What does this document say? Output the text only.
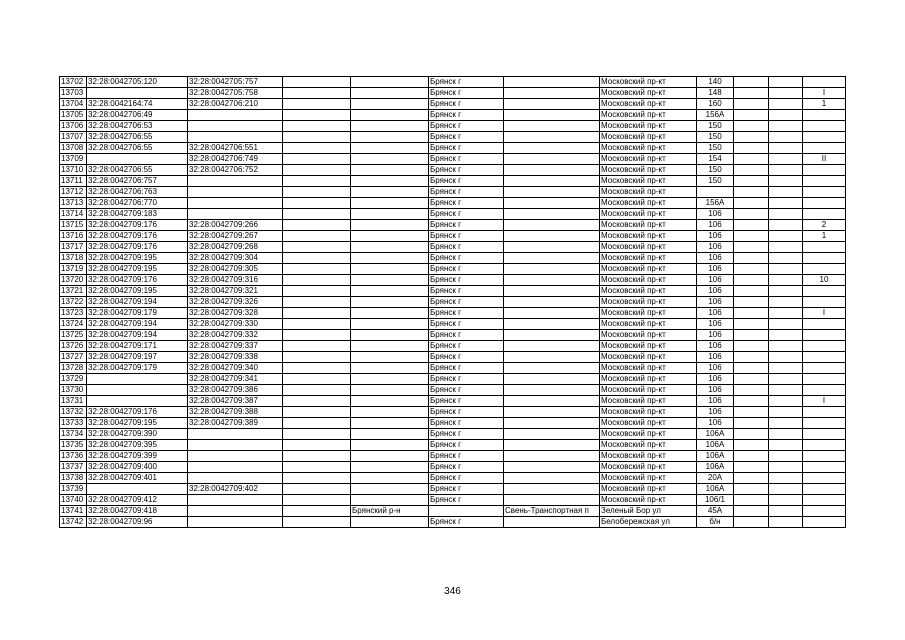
13702	32:28:0042705:120	32:28:0042705:757			Брянск г		Московский пр-кт	140			
13703		32:28:0042705:758			Брянск г		Московский пр-кт	148			I
13704	32:28:0042164:74	32:28:0042706:210			Брянск г		Московский пр-кт	160			1
13705	32:28:0042706:49				Брянск г		Московский пр-кт	156А			
13706	32:28:0042706:53				Брянск г		Московский пр-кт	150			
13707	32:28:0042706:55				Брянск г		Московский пр-кт	150			
13708	32:28:0042706:55	32:28:0042706:551			Брянск г		Московский пр-кт	150			
13709		32:28:0042706:749			Брянск г		Московский пр-кт	154			II
13710	32:28:0042706:55	32:28:0042706:752			Брянск г		Московский пр-кт	150			
13711	32:28:0042706:757				Брянск г		Московский пр-кт	150			
13712	32:28:0042706:763				Брянск г		Московский пр-кт				
13713	32:28:0042706:770				Брянск г		Московский пр-кт	156А			
13714	32:28:0042709:183				Брянск г		Московский пр-кт	106			
13715	32:28:0042709:176	32:28:0042709:266			Брянск г		Московский пр-кт	106			2
13716	32:28:0042709:176	32:28:0042709:267			Брянск г		Московский пр-кт	106			1
13717	32:28:0042709:176	32:28:0042709:268			Брянск г		Московский пр-кт	106			
13718	32:28:0042709:195	32:28:0042709:304			Брянск г		Московский пр-кт	106			
13719	32:28:0042709:195	32:28:0042709:305			Брянск г		Московский пр-кт	106			
13720	32:28:0042709:176	32:28:0042709:316			Брянск г		Московский пр-кт	106			10
13721	32:28:0042709:195	32:28:0042709:321			Брянск г		Московский пр-кт	106			
13722	32:28:0042709:194	32:28:0042709:326			Брянск г		Московский пр-кт	106			
13723	32:28:0042709:179	32:28:0042709:328			Брянск г		Московский пр-кт	106			I
13724	32:28:0042709:194	32:28:0042709:330			Брянск г		Московский пр-кт	106			
13725	32:28:0042709:194	32:28:0042709:332			Брянск г		Московский пр-кт	106			
13726	32:28:0042709:171	32:28:0042709:337			Брянск г		Московский пр-кт	106			
13727	32:28:0042709:197	32:28:0042709:338			Брянск г		Московский пр-кт	106			
13728	32:28:0042709:179	32:28:0042709:340			Брянск г		Московский пр-кт	106			
13729		32:28:0042709:341			Брянск г		Московский пр-кт	106			
13730		32:28:0042709:386			Брянск г		Московский пр-кт	106			
13731		32:28:0042709:387			Брянск г		Московский пр-кт	106			I
13732	32:28:0042709:176	32:28:0042709:388			Брянск г		Московский пр-кт	106			
13733	32:28:0042709:195	32:28:0042709:389			Брянск г		Московский пр-кт	106			
13734	32:28:0042709:390				Брянск г		Московский пр-кт	106А			
13735	32:28:0042709:395				Брянск г		Московский пр-кт	106А			
13736	32:28:0042709:399				Брянск г		Московский пр-кт	106А			
13737	32:28:0042709:400				Брянск г		Московский пр-кт	106А			
13738	32:28:0042709:401				Брянск г		Московский пр-кт	20А			
13739		32:28:0042709:402			Брянск г		Московский пр-кт	106А			
13740	32:28:0042709:412				Брянск г		Московский пр-кт	106/1			
13741	32:28:0042709:418			Брянский р-н		Свень-Транспортная п	Зеленый Бор ул	45А			
13742	32:28:0042709:96				Брянск г		Белобережская ул	б/н			
346
